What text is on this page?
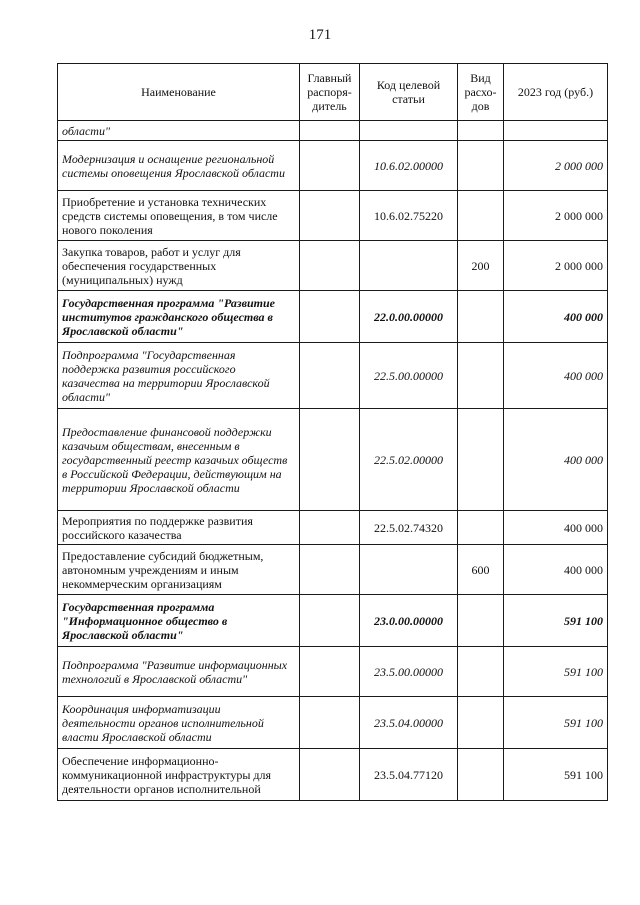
171
Наименование	Главный распоря-дитель	Код целевой статьи	Вид расхо-дов	2023 год (руб.)
области"				
Модернизация и оснащение региональной системы оповещения Ярославской области		10.6.02.00000		2 000 000
Приобретение и установка технических средств системы оповещения, в том числе нового поколения		10.6.02.75220		2 000 000
Закупка товаров, работ и услуг для обеспечения государственных (муниципальных) нужд			200	2 000 000
Государственная программа "Развитие институтов гражданского общества в Ярославской области"		22.0.00.00000		400 000
Подпрограмма "Государственная поддержка развития российского казачества на территории Ярославской области"		22.5.00.00000		400 000
Предоставление финансовой поддержки казачьим обществам, внесенным в государственный реестр казачьих обществ в Российской Федерации, действующим на территории Ярославской области		22.5.02.00000		400 000
Мероприятия по поддержке развития российского казачества		22.5.02.74320		400 000
Предоставление субсидий бюджетным, автономным учреждениям и иным некоммерческим организациям			600	400 000
Государственная программа "Информационное общество в Ярославской области"		23.0.00.00000		591 100
Подпрограмма "Развитие информационных технологий в Ярославской области"		23.5.00.00000		591 100
Координация информатизации деятельности органов исполнительной власти Ярославской области		23.5.04.00000		591 100
Обеспечение информационно-коммуникационной инфраструктуры для деятельности органов исполнительной		23.5.04.77120		591 100
